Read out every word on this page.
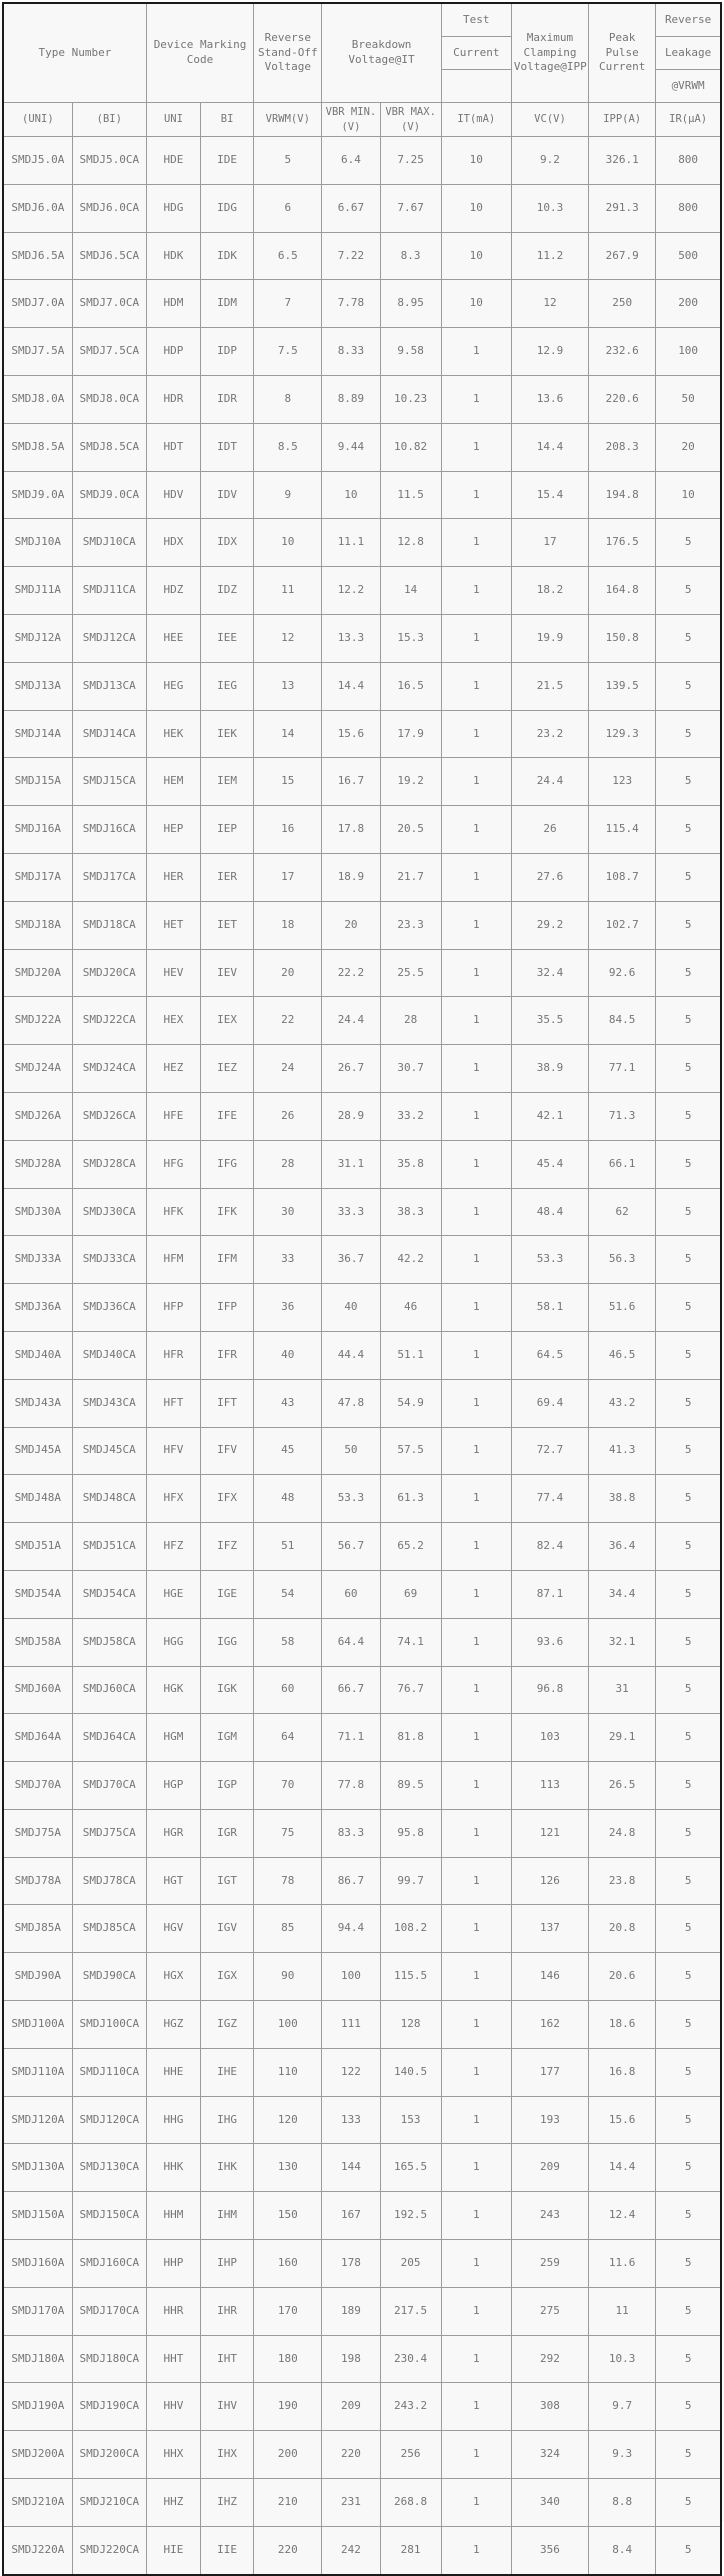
Type Number		Device Marking Code		Reverse Stand-Off Voltage	Breakdown Voltage@IT		Test	Maximum Clamping Voltage@IPP	Peak Pulse Current	Reverse
							Current			Leakage
										@VRWM
(UNI)	(BI)	UNI	BI	VRWM(V)	VBR MIN. (V)	VBR MAX. (V)	IT(mA)	VC(V)	IPP(A)	IR(μA)
SMDJ5.0A	SMDJ5.0CA	HDE	IDE	5	6.4	7.25	10	9.2	326.1	800
SMDJ6.0A	SMDJ6.0CA	HDG	IDG	6	6.67	7.67	10	10.3	291.3	800
SMDJ6.5A	SMDJ6.5CA	HDK	IDK	6.5	7.22	8.3	10	11.2	267.9	500
SMDJ7.0A	SMDJ7.0CA	HDM	IDM	7	7.78	8.95	10	12	250	200
SMDJ7.5A	SMDJ7.5CA	HDP	IDP	7.5	8.33	9.58	1	12.9	232.6	100
SMDJ8.0A	SMDJ8.0CA	HDR	IDR	8	8.89	10.23	1	13.6	220.6	50
SMDJ8.5A	SMDJ8.5CA	HDT	IDT	8.5	9.44	10.82	1	14.4	208.3	20
SMDJ9.0A	SMDJ9.0CA	HDV	IDV	9	10	11.5	1	15.4	194.8	10
SMDJ10A	SMDJ10CA	HDX	IDX	10	11.1	12.8	1	17	176.5	5
SMDJ11A	SMDJ11CA	HDZ	IDZ	11	12.2	14	1	18.2	164.8	5
SMDJ12A	SMDJ12CA	HEE	IEE	12	13.3	15.3	1	19.9	150.8	5
SMDJ13A	SMDJ13CA	HEG	IEG	13	14.4	16.5	1	21.5	139.5	5
SMDJ14A	SMDJ14CA	HEK	IEK	14	15.6	17.9	1	23.2	129.3	5
SMDJ15A	SMDJ15CA	HEM	IEM	15	16.7	19.2	1	24.4	123	5
SMDJ16A	SMDJ16CA	HEP	IEP	16	17.8	20.5	1	26	115.4	5
SMDJ17A	SMDJ17CA	HER	IER	17	18.9	21.7	1	27.6	108.7	5
SMDJ18A	SMDJ18CA	HET	IET	18	20	23.3	1	29.2	102.7	5
SMDJ20A	SMDJ20CA	HEV	IEV	20	22.2	25.5	1	32.4	92.6	5
SMDJ22A	SMDJ22CA	HEX	IEX	22	24.4	28	1	35.5	84.5	5
SMDJ24A	SMDJ24CA	HEZ	IEZ	24	26.7	30.7	1	38.9	77.1	5
SMDJ26A	SMDJ26CA	HFE	IFE	26	28.9	33.2	1	42.1	71.3	5
SMDJ28A	SMDJ28CA	HFG	IFG	28	31.1	35.8	1	45.4	66.1	5
SMDJ30A	SMDJ30CA	HFK	IFK	30	33.3	38.3	1	48.4	62	5
SMDJ33A	SMDJ33CA	HFM	IFM	33	36.7	42.2	1	53.3	56.3	5
SMDJ36A	SMDJ36CA	HFP	IFP	36	40	46	1	58.1	51.6	5
SMDJ40A	SMDJ40CA	HFR	IFR	40	44.4	51.1	1	64.5	46.5	5
SMDJ43A	SMDJ43CA	HFT	IFT	43	47.8	54.9	1	69.4	43.2	5
SMDJ45A	SMDJ45CA	HFV	IFV	45	50	57.5	1	72.7	41.3	5
SMDJ48A	SMDJ48CA	HFX	IFX	48	53.3	61.3	1	77.4	38.8	5
SMDJ51A	SMDJ51CA	HFZ	IFZ	51	56.7	65.2	1	82.4	36.4	5
SMDJ54A	SMDJ54CA	HGE	IGE	54	60	69	1	87.1	34.4	5
SMDJ58A	SMDJ58CA	HGG	IGG	58	64.4	74.1	1	93.6	32.1	5
SMDJ60A	SMDJ60CA	HGK	IGK	60	66.7	76.7	1	96.8	31	5
SMDJ64A	SMDJ64CA	HGM	IGM	64	71.1	81.8	1	103	29.1	5
SMDJ70A	SMDJ70CA	HGP	IGP	70	77.8	89.5	1	113	26.5	5
SMDJ75A	SMDJ75CA	HGR	IGR	75	83.3	95.8	1	121	24.8	5
SMDJ78A	SMDJ78CA	HGT	IGT	78	86.7	99.7	1	126	23.8	5
SMDJ85A	SMDJ85CA	HGV	IGV	85	94.4	108.2	1	137	20.8	5
SMDJ90A	SMDJ90CA	HGX	IGX	90	100	115.5	1	146	20.6	5
SMDJ100A	SMDJ100CA	HGZ	IGZ	100	111	128	1	162	18.6	5
SMDJ110A	SMDJ110CA	HHE	IHE	110	122	140.5	1	177	16.8	5
SMDJ120A	SMDJ120CA	HHG	IHG	120	133	153	1	193	15.6	5
SMDJ130A	SMDJ130CA	HHK	IHK	130	144	165.5	1	209	14.4	5
SMDJ150A	SMDJ150CA	HHM	IHM	150	167	192.5	1	243	12.4	5
SMDJ160A	SMDJ160CA	HHP	IHP	160	178	205	1	259	11.6	5
SMDJ170A	SMDJ170CA	HHR	IHR	170	189	217.5	1	275	11	5
SMDJ180A	SMDJ180CA	HHT	IHT	180	198	230.4	1	292	10.3	5
SMDJ190A	SMDJ190CA	HHV	IHV	190	209	243.2	1	308	9.7	5
SMDJ200A	SMDJ200CA	HHX	IHX	200	220	256	1	324	9.3	5
SMDJ210A	SMDJ210CA	HHZ	IHZ	210	231	268.8	1	340	8.8	5
SMDJ220A	SMDJ220CA	HIE	IIE	220	242	281	1	356	8.4	5
